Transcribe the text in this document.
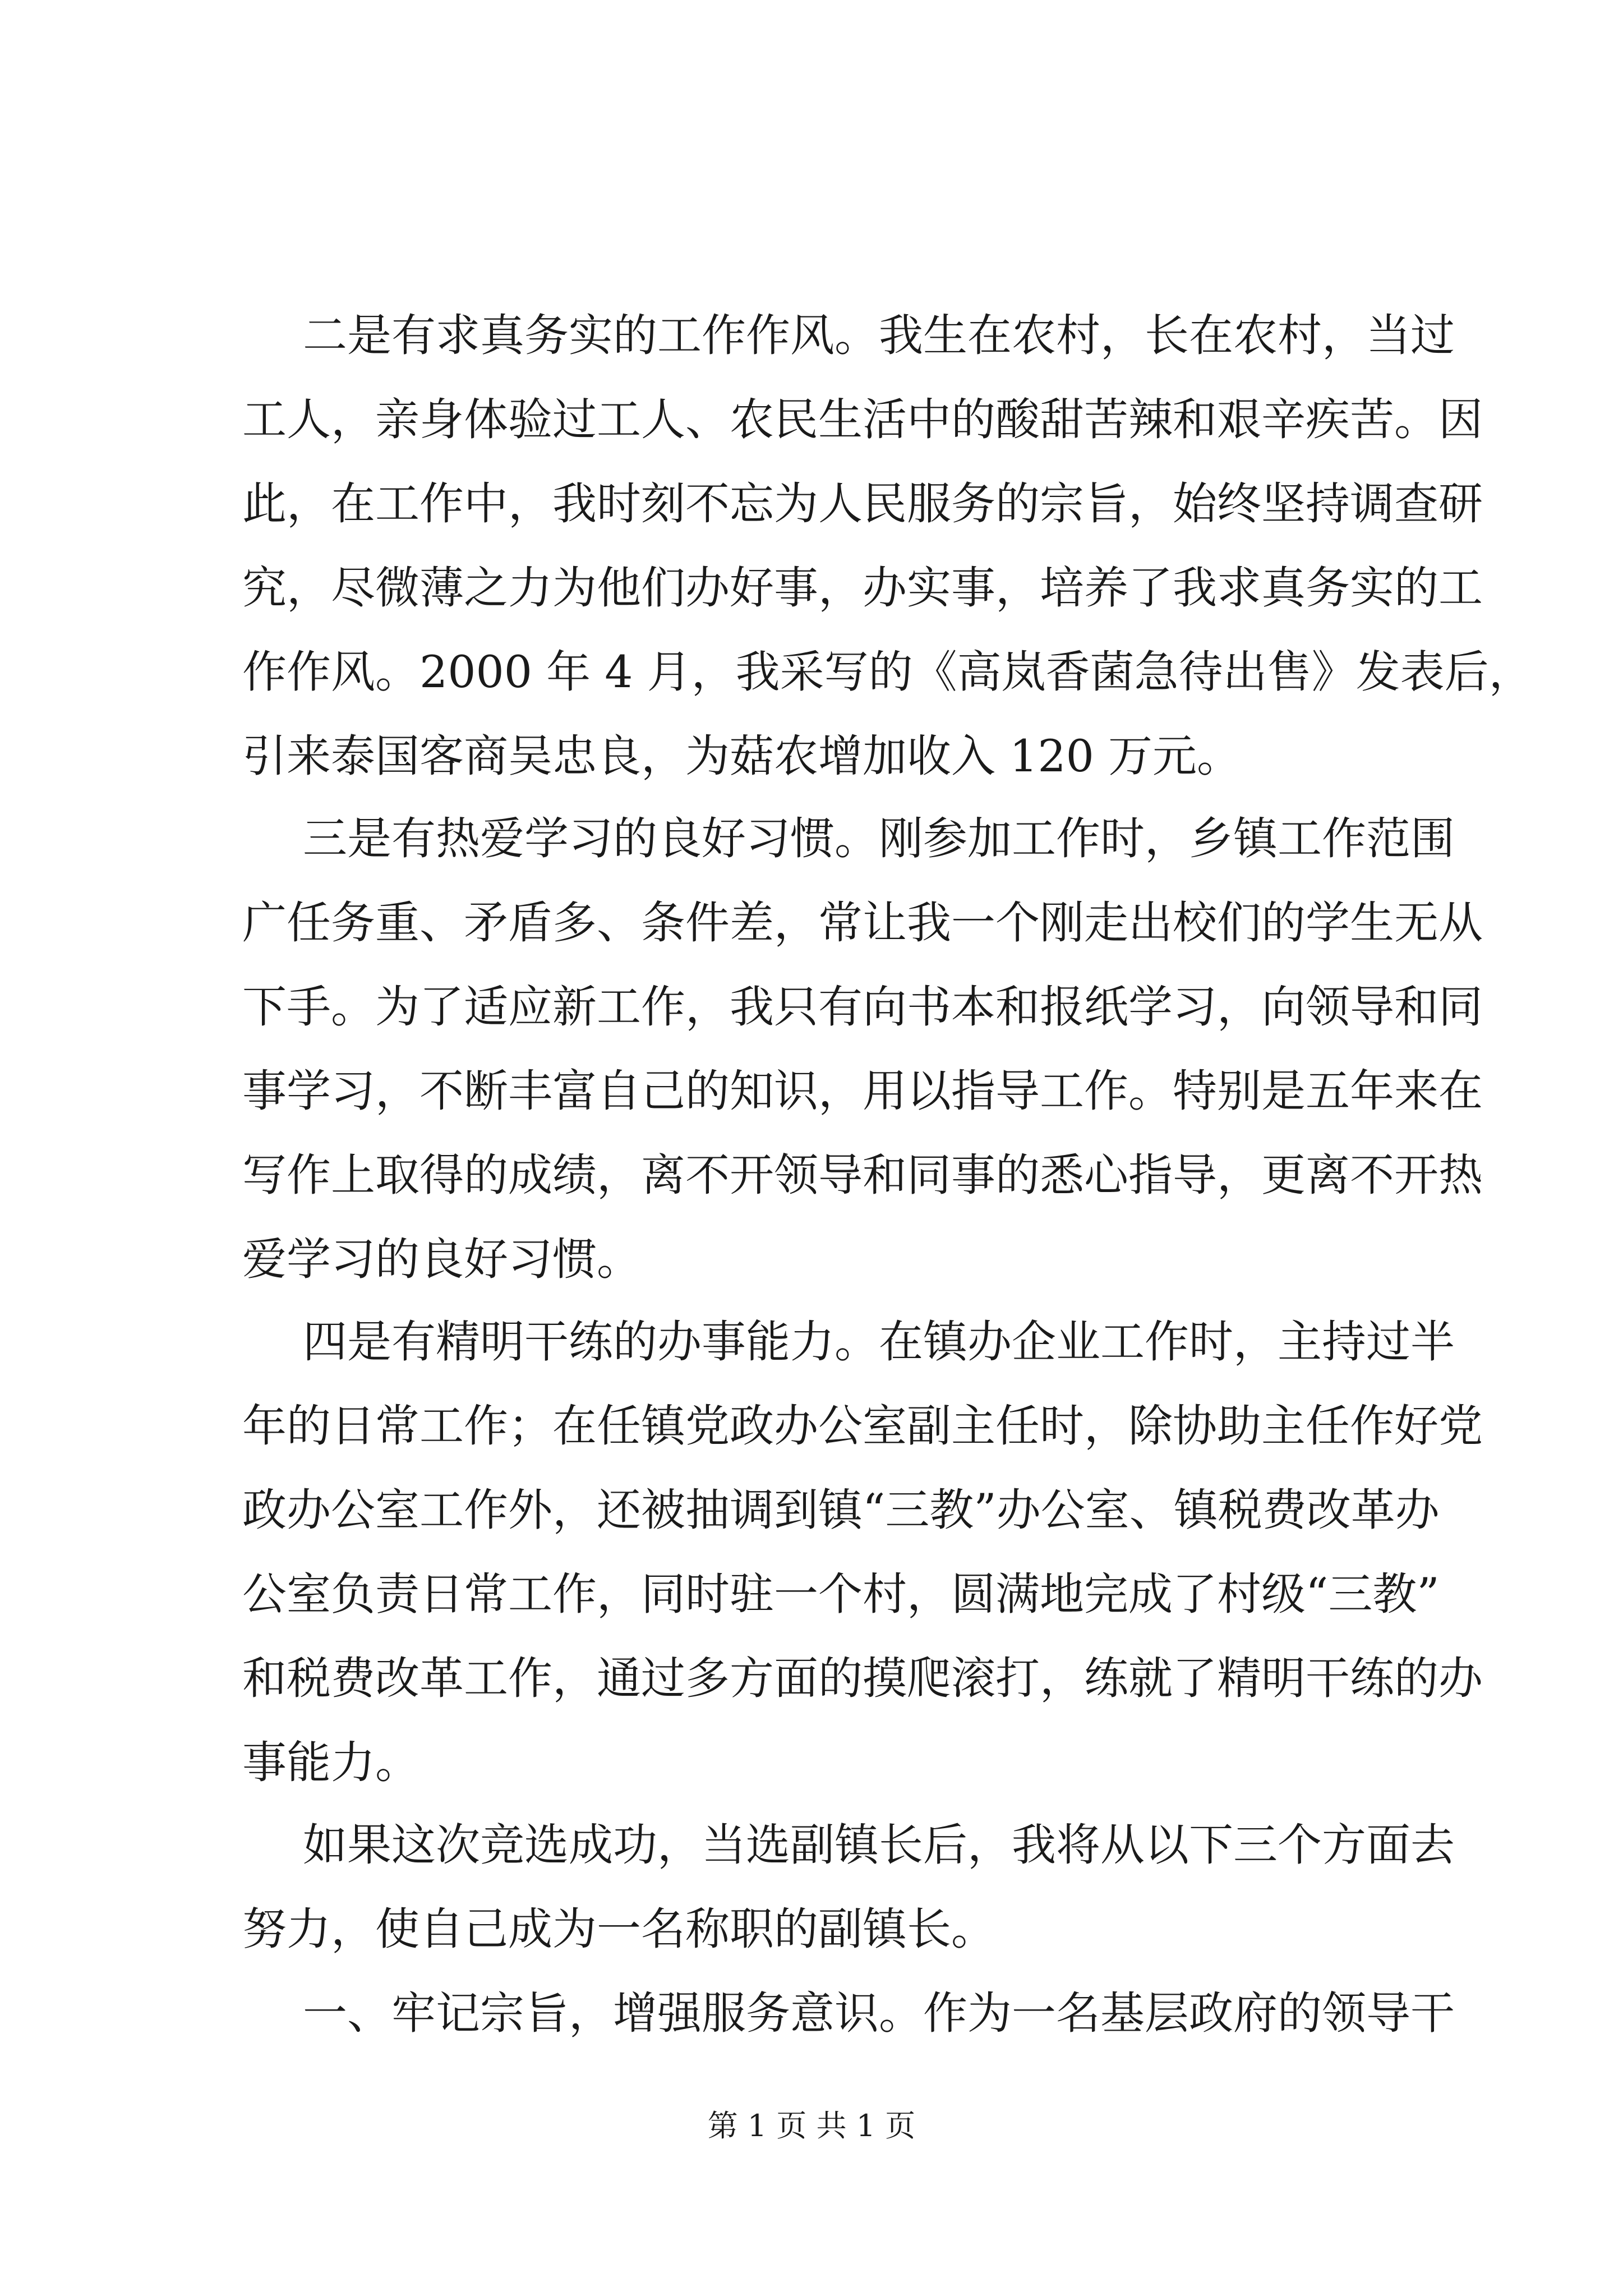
二是有求真务实的工作作风。我生在农村，长在农村，当过

工人，亲身体验过工人、农民生活中的酸甜苦辣和艰辛疾苦。因

此，在工作中，我时刻不忘为人民服务的宗旨，始终坚持调查研

究，尽微薄之力为他们办好事，办实事，培养了我求真务实的工

作作风。2000 年 4 月，我采写的《高岚香菌急待出售》发表后，

引来泰国客商吴忠良，为菇农增加收入 120 万元。

三是有热爱学习的良好习惯。刚参加工作时，乡镇工作范围

广任务重、矛盾多、条件差，常让我一个刚走出校们的学生无从

下手。为了适应新工作，我只有向书本和报纸学习，向领导和同

事学习，不断丰富自己的知识，用以指导工作。特别是五年来在

写作上取得的成绩，离不开领导和同事的悉心指导，更离不开热

爱学习的良好习惯。

四是有精明干练的办事能力。在镇办企业工作时，主持过半

年的日常工作；在任镇党政办公室副主任时，除协助主任作好党

政办公室工作外，还被抽调到镇“三教”办公室、镇税费改革办

公室负责日常工作，同时驻一个村，圆满地完成了村级“三教”

和税费改革工作，通过多方面的摸爬滚打，练就了精明干练的办

事能力。

如果这次竞选成功，当选副镇长后，我将从以下三个方面去

努力，使自己成为一名称职的副镇长。

一、牢记宗旨，增强服务意识。作为一名基层政府的领导干

第 1 页 共 1 页
